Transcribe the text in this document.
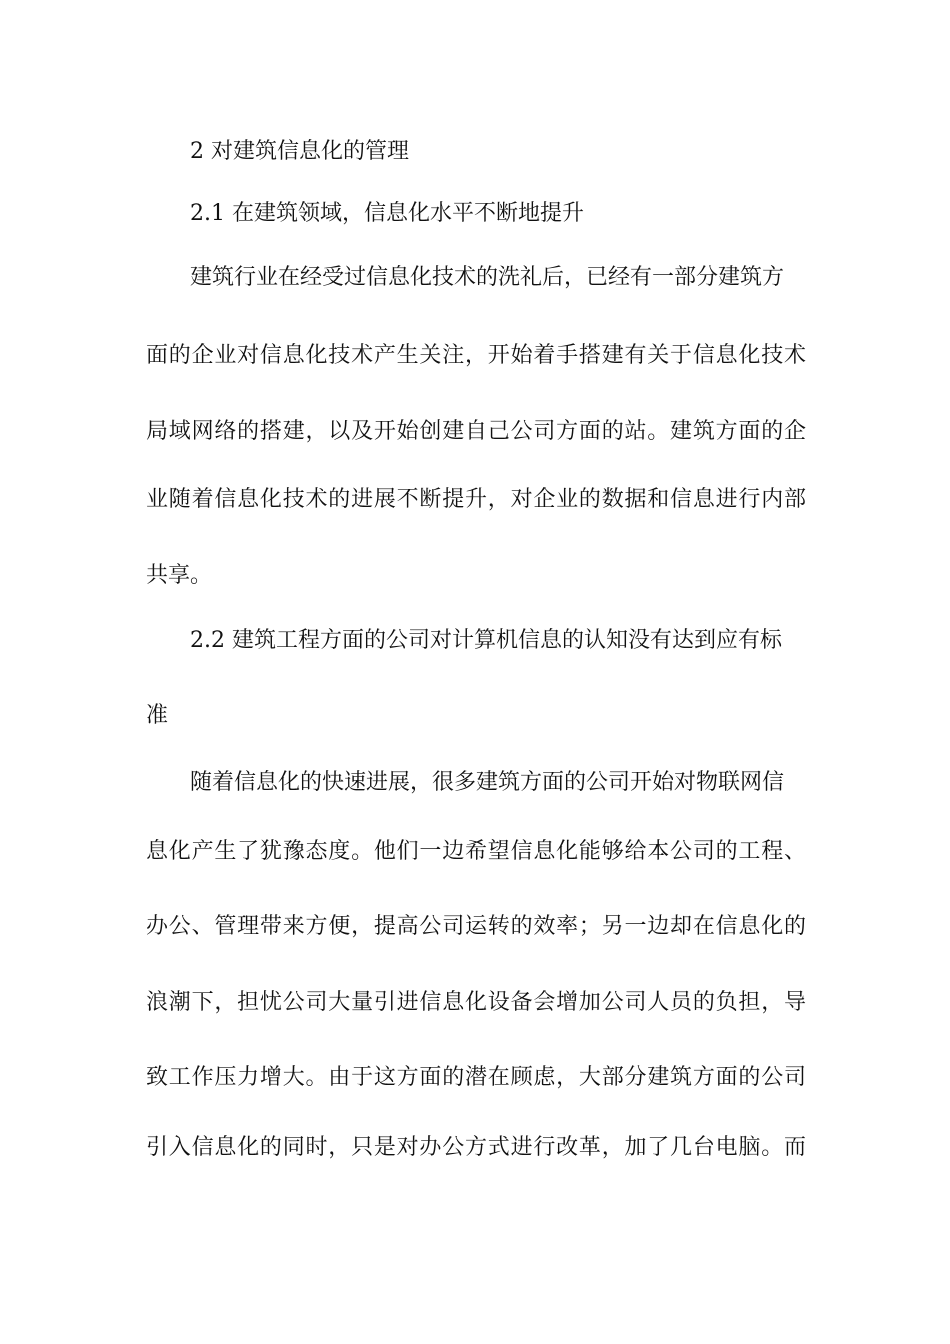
2 对建筑信息化的管理
2.1 在建筑领域，信息化水平不断地提升
建筑行业在经受过信息化技术的洗礼后，已经有一部分建筑方
面的企业对信息化技术产生关注，开始着手搭建有关于信息化技术
局域网络的搭建，以及开始创建自己公司方面的站。建筑方面的企
业随着信息化技术的进展不断提升，对企业的数据和信息进行内部
共享。
2.2 建筑工程方面的公司对计算机信息的认知没有达到应有标
准
随着信息化的快速进展，很多建筑方面的公司开始对物联网信
息化产生了犹豫态度。他们一边希望信息化能够给本公司的工程、
办公、管理带来方便，提高公司运转的效率；另一边却在信息化的
浪潮下，担忧公司大量引进信息化设备会增加公司人员的负担，导
致工作压力增大。由于这方面的潜在顾虑，大部分建筑方面的公司
引入信息化的同时，只是对办公方式进行改革，加了几台电脑。而
